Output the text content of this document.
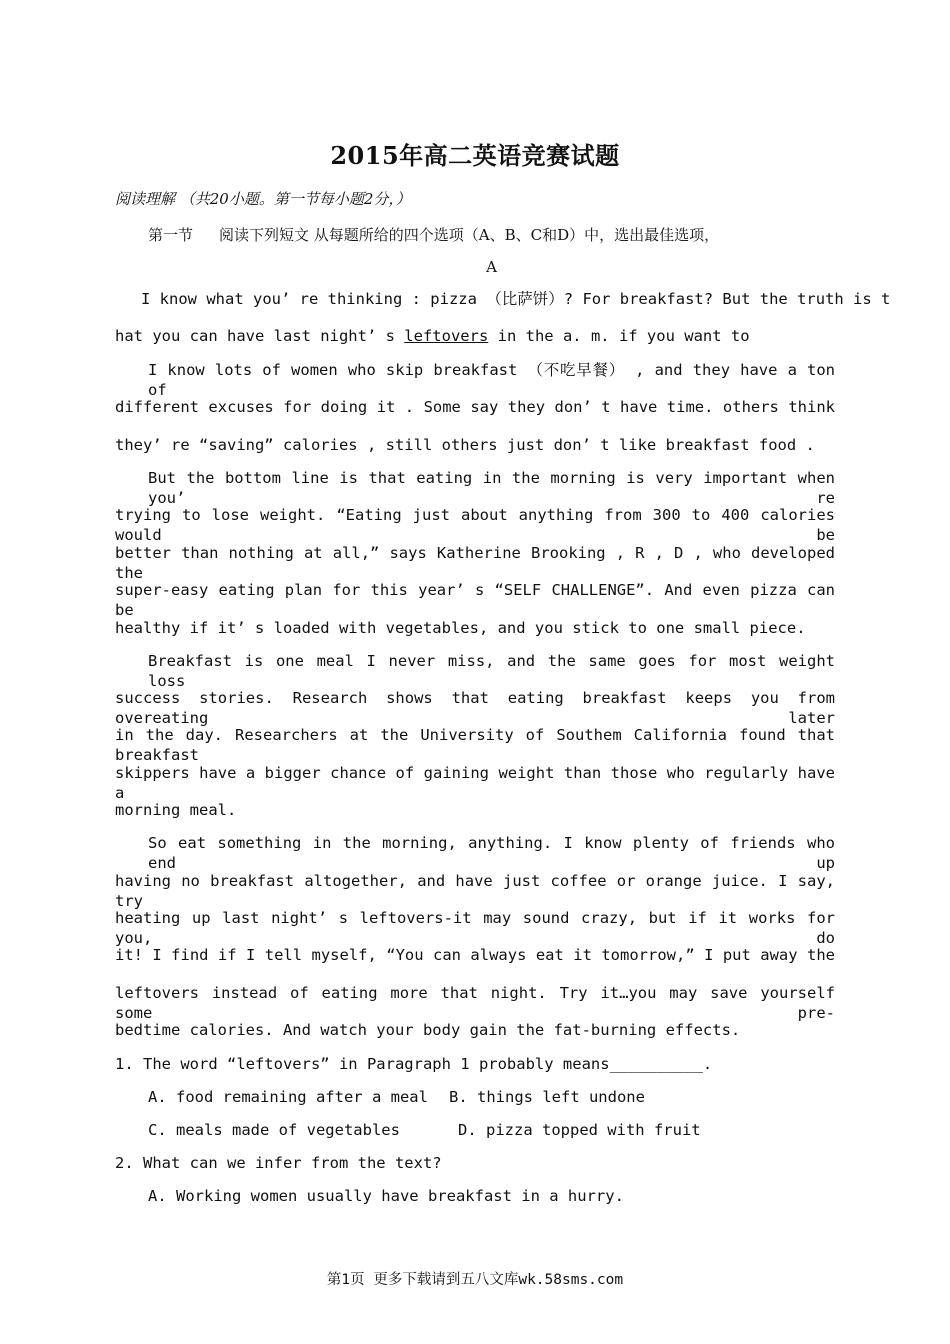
2015年高二英语竞赛试题
阅读理解 （共20小题。第一节每小题2分，）
第一节 阅读下列短文 从每题所给的四个选项（A、B、C和D）中，选出最佳选项，
A
I know what you’ re thinking : pizza （比萨饼）? For breakfast? But the truth is t
hat you can have last night’ s leftovers in the a. m. if you want to
I know lots of women who skip breakfast （不吃早餐） , and they have a ton of
different excuses for doing it . Some say they don’ t have time. others think
they’ re “saving” calories , still others just don’ t like breakfast food .
But the bottom line is that eating in the morning is very important when you’ re
trying to lose weight. “Eating just about anything from 300 to 400 calories would be
better than nothing at all,” says Katherine Brooking , R , D , who developed the
super-easy eating plan for this year’ s “SELF CHALLENGE”. And even pizza can be
healthy if it’ s loaded with vegetables, and you stick to one small piece.
Breakfast is one meal I never miss, and the same goes for most weight loss
success stories. Research shows that eating breakfast keeps you from overeating later
in the day. Researchers at the University of Southem California found that breakfast
skippers have a bigger chance of gaining weight than those who regularly have a
morning meal.
So eat something in the morning, anything. I know plenty of friends who end up
having no breakfast altogether, and have just coffee or orange juice. I say, try
heating up last night’ s leftovers-it may sound crazy, but if it works for you, do
it! I find if I tell myself, “You can always eat it tomorrow,” I put away the
leftovers instead of eating more that night. Try it…you may save yourself some pre-
bedtime calories. And watch your body gain the fat-burning effects.
1. The word “leftovers” in Paragraph 1 probably means__________.
A. food remaining after a meal B. things left undone
C. meals made of vegetables	D. pizza topped with fruit
2. What can we infer from the text?
A. Working women usually have breakfast in a hurry.
第1页 更多下载请到五八文库wk.58sms.com
